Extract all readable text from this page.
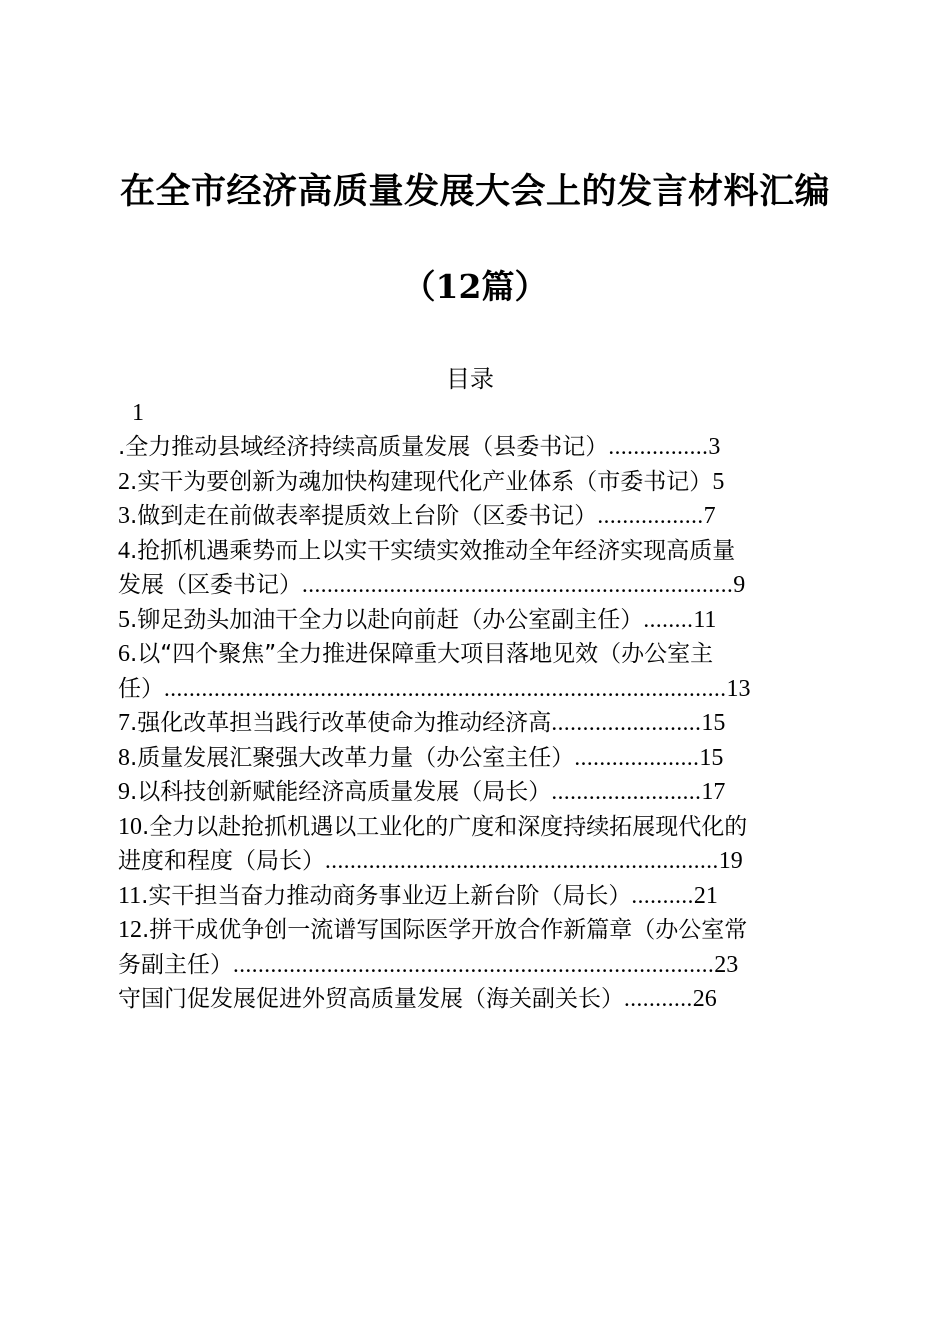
在全市经济高质量发展大会上的发言材料汇编
（12篇）
目录
1
.全力推动县域经济持续高质量发展（县委书记）................3
2.实干为要创新为魂加快构建现代化产业体系（市委书记）5
3.做到走在前做表率提质效上台阶（区委书记）.................7
4.抢抓机遇乘势而上以实干实绩实效推动全年经济实现高质量
发展（区委书记）.....................................................................9
5.铆足劲头加油干全力以赴向前赶（办公室副主任）........11
6.以“四个聚焦”全力推进保障重大项目落地见效（办公室主
任）..........................................................................................13
7.强化改革担当践行改革使命为推动经济高........................15
8.质量发展汇聚强大改革力量（办公室主任）....................15
9.以科技创新赋能经济高质量发展（局长）........................17
10.全力以赴抢抓机遇以工业化的广度和深度持续拓展现代化的
进度和程度（局长）...............................................................19
11.实干担当奋力推动商务事业迈上新台阶（局长）..........21
12.拼干成优争创一流谱写国际医学开放合作新篇章（办公室常
务副主任）.............................................................................23
守国门促发展促进外贸高质量发展（海关副关长）...........26
